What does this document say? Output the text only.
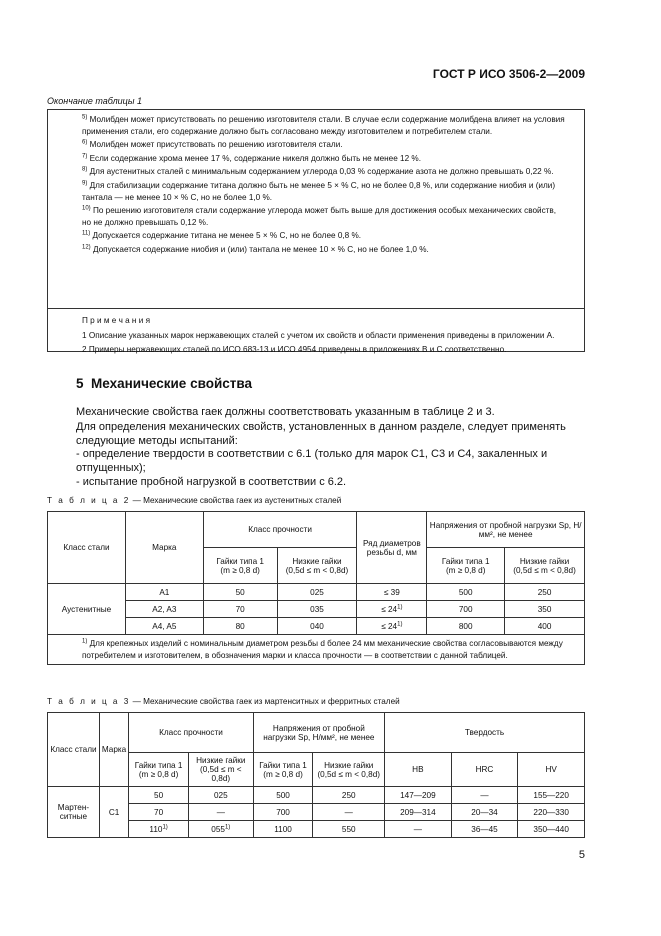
ГОСТ Р ИСО 3506-2—2009
Окончание таблицы 1

$^{5)}$ Молибден может присутствовать по решению изготовителя стали. В случае если содержание молибдена влияет на условия применения стали, его содержание должно быть согласовано между изготовителем и потребителем стали.

$^{6)}$ Молибден может присутствовать по решению изготовителя стали.

$^{7)}$ Если содержание хрома менее 17 %, содержание никеля должно быть не менее 12 %.

$^{8)}$ Для аустенитных сталей с минимальным содержанием углерода 0,03 % содержание азота не должно превышать 0,22 %.

$^{9)}$ Для стабилизации содержание титана должно быть не менее 5 × % C, но не более 0,8 %, или содержание ниобия и (или) тантала — не менее 10 × % C, но не более 1,0 %.

$^{10)}$ По решению изготовителя стали содержание углерода может быть выше для достижения особых механических свойств, но не должно превышать 0,12 %.

$^{11)}$ Допускается содержание титана не менее 5 × % C, но не более 0,8 %.

$^{12)}$ Допускается содержание ниобия и (или) тантала не менее 10 × % C, но не более 1,0 %.

П р и м е ч а н и я

1 Описание указанных марок нержавеющих сталей с учетом их свойств и области применения приведены в приложении А.

2 Примеры нержавеющих сталей по ИСО 683-13 и ИСО 4954 приведены в приложениях В и С соответственно.

5 Механические свойства

Механические свойства гаек должны соответствовать указанным в таблице 2 и 3.

Для определения механических свойств, установленных в данном разделе, следует применять следующие методы испытаний:

- определение твердости в соответствии с 6.1 (только для марок С1, С3 и С4, закаленных и отпущенных);

- испытание пробной нагрузкой в соответствии с 6.2.

Т а б л и ц а 2 — Механические свойства гаек из аустенитных сталей
Класс стали	Марка	Класс прочности		Ряд диаметров резьбы d, мм	Напряжения от пробной нагрузки Sp, Н/мм², не менее	
		Гайки типа 1
(m ≥ 0,8 d)	Низкие гайки
(0,5d ≤ m < 0,8d)		Гайки типа 1
(m ≥ 0,8 d)	Низкие гайки
(0,5d ≤ m < 0,8d)
Аустенитные	A1	50	025	≤ 39	500	250
	A2, A3	70	035	≤ $24^{1)}$	700	350
	A4, A5	80	040	≤ $24^{1)}$	800	400
$^{1)}$ Для крепежных изделий с номинальным диаметром резьбы d более 24 мм механические свойства согласовываются между потребителем и изготовителем, в обозначения марки и класса прочности — в соответствии с данной таблицей.						
Т а б л и ц а 3 — Механические свойства гаек из мартенситных и ферритных сталей
Класс стали	Марка	Класс прочности		Напряжения от пробной нагрузки Sp, Н/мм², не менее		Твердость		
		Гайки типа 1
(m ≥ 0,8 d)	Низкие гайки
(0,5d ≤ m < 0,8d)	Гайки типа 1
(m ≥ 0,8 d)	Низкие гайки
(0,5d ≤ m < 0,8d)	HB	HRC	HV
Мартен-ситные	C1	50	025	500	250	147—209	—	155—220
		70	—	700	—	209—314	20—34	220—330
		110$^{1)}$	055$^{1)}$	1100	550	—	36—45	350—440
5
